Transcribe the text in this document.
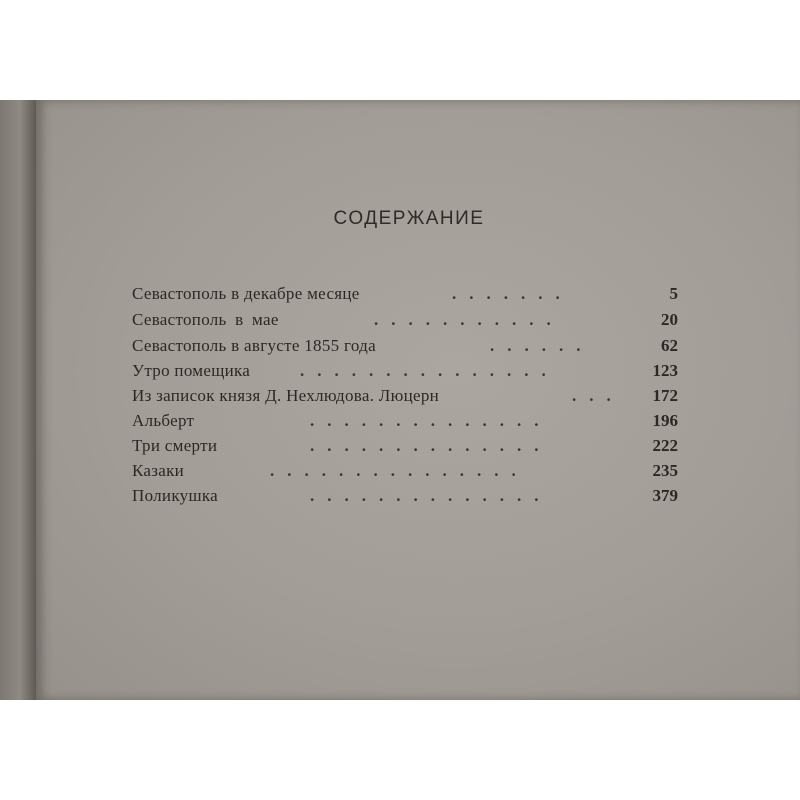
СОДЕРЖАНИЕ
Севастополь в декабре месяце	.......	5
Севастополь в мае	...........	20
Севастополь в августе 1855 года	......	62
Утро помещика	...............	123
Из записок князя Д. Нехлюдова. Люцерн	... 172
Альберт	..............	196
Три смерти	..............	222
Казаки	...............	235
Поликушка	..............	379
